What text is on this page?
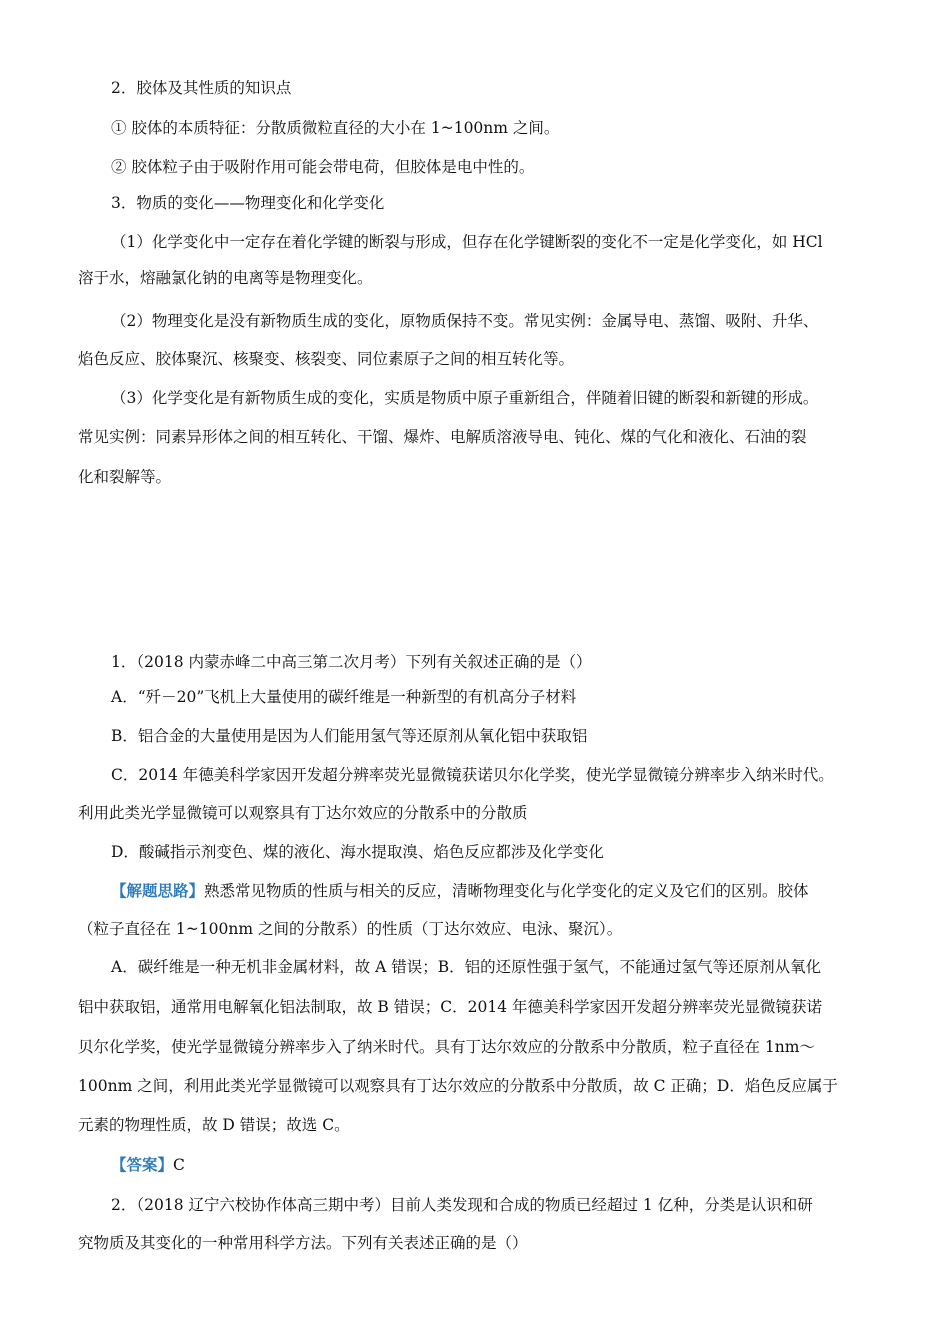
2．胶体及其性质的知识点
① 胶体的本质特征：分散质微粒直径的大小在 1~100nm 之间。
② 胶体粒子由于吸附作用可能会带电荷，但胶体是电中性的。
3．物质的变化——物理变化和化学变化
（1）化学变化中一定存在着化学键的断裂与形成，但存在化学键断裂的变化不一定是化学变化，如 HCl
溶于水，熔融氯化钠的电离等是物理变化。
（2）物理变化是没有新物质生成的变化，原物质保持不变。常见实例：金属导电、蒸馏、吸附、升华、
焰色反应、胶体聚沉、核聚变、核裂变、同位素原子之间的相互转化等。
（3）化学变化是有新物质生成的变化，实质是物质中原子重新组合，伴随着旧键的断裂和新键的形成。
常见实例：同素异形体之间的相互转化、干馏、爆炸、电解质溶液导电、钝化、煤的气化和液化、石油的裂
化和裂解等。
1．（2018 内蒙赤峰二中高三第二次月考）下列有关叙述正确的是（）
A．“歼－20”飞机上大量使用的碳纤维是一种新型的有机高分子材料
B．铝合金的大量使用是因为人们能用氢气等还原剂从氧化铝中获取铝
C．2014 年德美科学家因开发超分辨率荧光显微镜获诺贝尔化学奖，使光学显微镜分辨率步入纳米时代。
利用此类光学显微镜可以观察具有丁达尔效应的分散系中的分散质
D．酸碱指示剂变色、煤的液化、海水提取溴、焰色反应都涉及化学变化
【解题思路】熟悉常见物质的性质与相关的反应，清晰物理变化与化学变化的定义及它们的区别。胶体
（粒子直径在 1~100nm 之间的分散系）的性质（丁达尔效应、电泳、聚沉）。
A．碳纤维是一种无机非金属材料，故 A 错误；B．铝的还原性强于氢气，不能通过氢气等还原剂从氧化
铝中获取铝，通常用电解氧化铝法制取，故 B 错误；C．2014 年德美科学家因开发超分辨率荧光显微镜获诺
贝尔化学奖，使光学显微镜分辨率步入了纳米时代。具有丁达尔效应的分散系中分散质，粒子直径在 1nm～
100nm 之间，利用此类光学显微镜可以观察具有丁达尔效应的分散系中分散质，故 C 正确；D．焰色反应属于
元素的物理性质，故 D 错误；故选 C。
【答案】C
2．（2018 辽宁六校协作体高三期中考）目前人类发现和合成的物质已经超过 1 亿种，分类是认识和研
究物质及其变化的一种常用科学方法。下列有关表述正确的是（）
